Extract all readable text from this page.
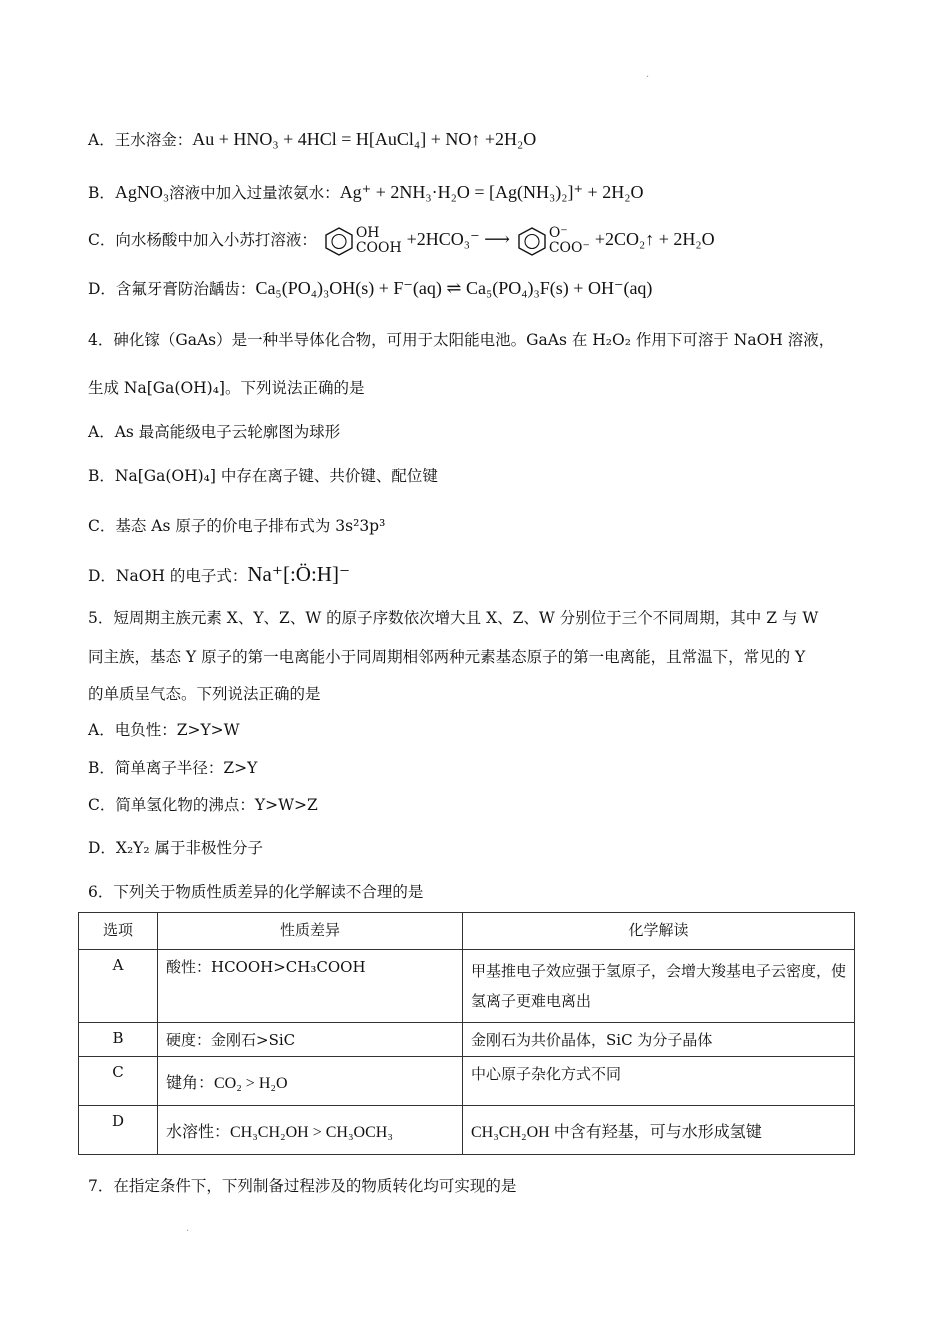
·
A．王水溶金：Au + HNO₃ + 4HCl = H[AuCl₄] + NO↑ +2H₂O
B．AgNO₃溶液中加入过量浓氨水：Ag⁺ + 2NH₃·H₂O = [Ag(NH₃)₂]⁺ + 2H₂O
C．向水杨酸中加入小苏打溶液：	OH
COOH +2HCO₃⁻ ⟶	O⁻
COO⁻ +2CO₂↑ + 2H₂O
D．含氟牙膏防治龋齿：Ca₅(PO₄)₃OH(s) + F⁻(aq) ⇌ Ca₅(PO₄)₃F(s) + OH⁻(aq)
4．砷化镓（GaAs）是一种半导体化合物，可用于太阳能电池。GaAs 在 H₂O₂ 作用下可溶于 NaOH 溶液，
生成 Na[Ga(OH)₄]。下列说法正确的是
A．As 最高能级电子云轮廓图为球形
B．Na[Ga(OH)₄] 中存在离子键、共价键、配位键
C．基态 As 原子的价电子排布式为 3s²3p³
D．NaOH 的电子式：Na⁺[:Ö:H]⁻
5．短周期主族元素 X、Y、Z、W 的原子序数依次增大且 X、Z、W 分别位于三个不同周期，其中 Z 与 W
同主族，基态 Y 原子的第一电离能小于同周期相邻两种元素基态原子的第一电离能，且常温下，常见的 Y
的单质呈气态。下列说法正确的是
A．电负性：Z>Y>W
B．简单离子半径：Z>Y
C．简单氢化物的沸点：Y>W>Z
D．X₂Y₂ 属于非极性分子
6．下列关于物质性质差异的化学解读不合理的是
选项	性质差异	化学解读
A	酸性：HCOOH>CH₃COOH	甲基推电子效应强于氢原子，会增大羧基电子云密度，使氢离子更难电离出
B	硬度：金刚石>SiC	金刚石为共价晶体，SiC 为分子晶体
C	键角：CO₂ > H₂O	中心原子杂化方式不同
D	水溶性：CH₃CH₂OH > CH₃OCH₃	CH₃CH₂OH 中含有羟基，可与水形成氢键
7．在指定条件下，下列制备过程涉及的物质转化均可实现的是
·
